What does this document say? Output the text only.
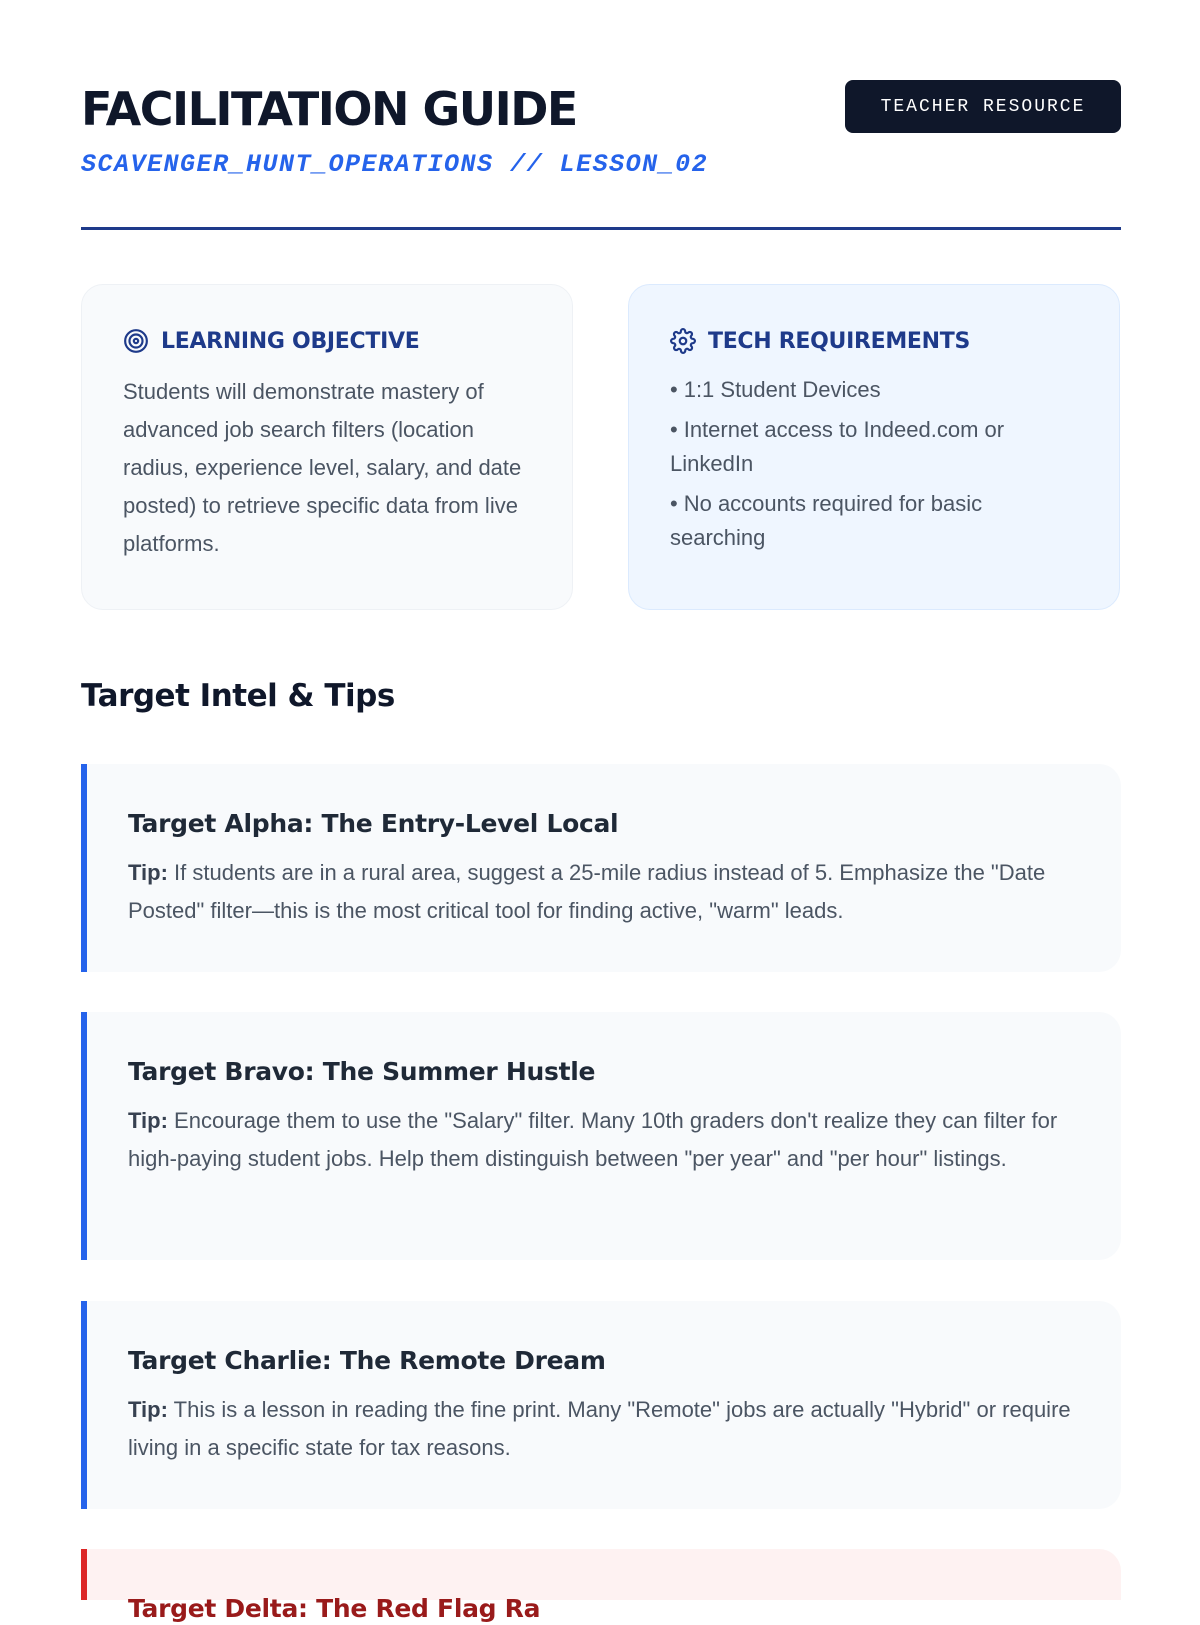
FACILITATION GUIDE
SCAVENGER_HUNT_OPERATIONS // LESSON_02
TEACHER RESOURCE
LEARNING OBJECTIVE
Students will demonstrate mastery of advanced job search filters (location radius, experience level, salary, and date posted) to retrieve specific data from live platforms.
TECH REQUIREMENTS
• 1:1 Student Devices
• Internet access to Indeed.com or LinkedIn
• No accounts required for basic searching
Target Intel & Tips
Target Alpha: The Entry-Level Local

Tip: If students are in a rural area, suggest a 25-mile radius instead of 5. Emphasize the "Date Posted" filter—this is the most critical tool for finding active, "warm" leads.

Target Bravo: The Summer Hustle

Tip: Encourage them to use the "Salary" filter. Many 10th graders don't realize they can filter for high-paying student jobs. Help them distinguish between "per year" and "per hour" listings.

Target Charlie: The Remote Dream

Tip: This is a lesson in reading the fine print. Many "Remote" jobs are actually "Hybrid" or require living in a specific state for tax reasons.

Target Delta: The Red Flag Ra
